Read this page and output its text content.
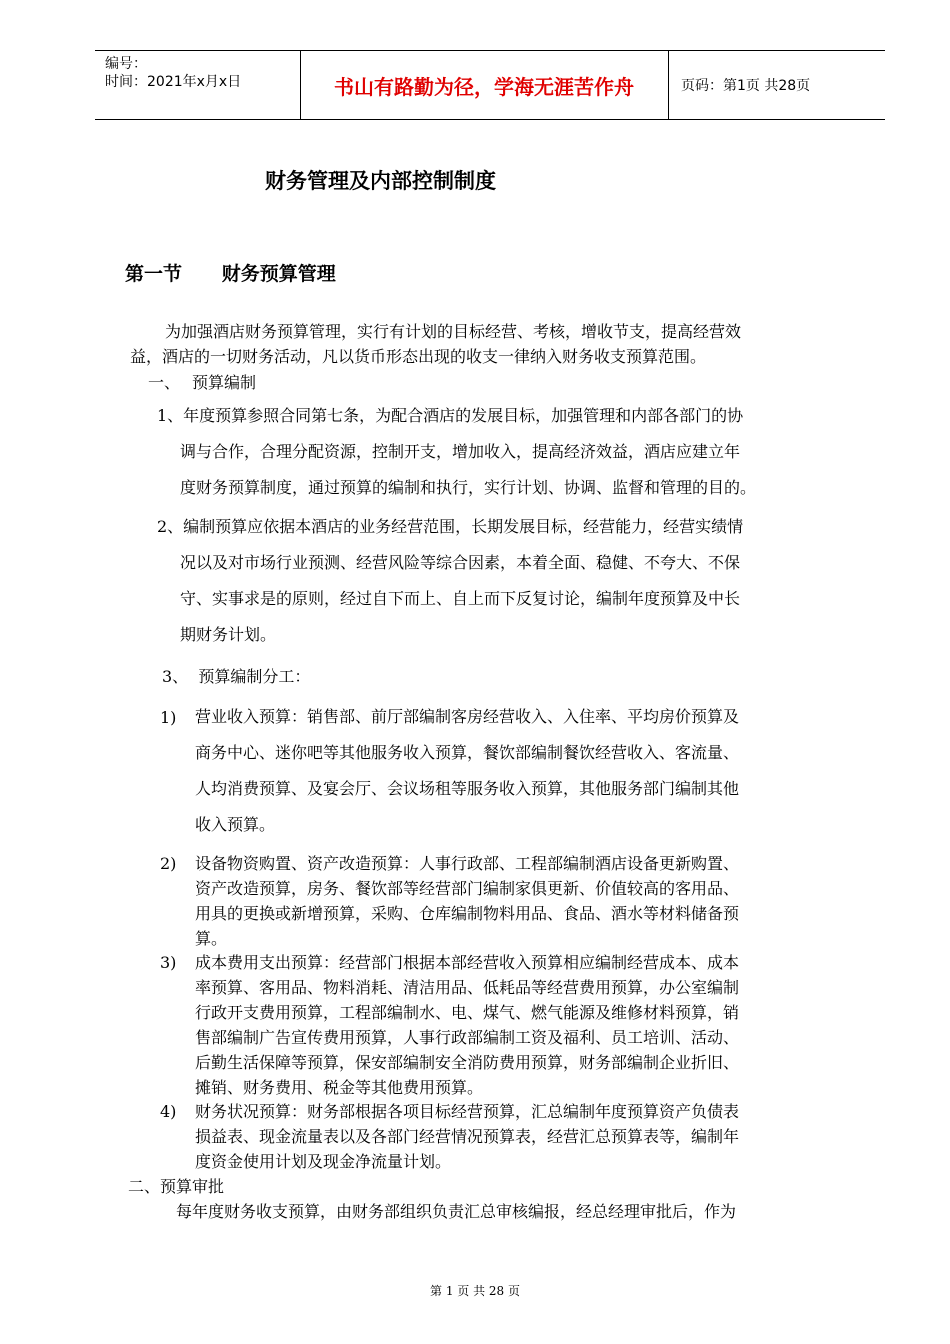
编号：
时间：2021年x月x日	书山有路勤为径，学海无涯苦作舟	页码：第1页 共28页
财务管理及内部控制制度
第一节 财务预算管理
为加强酒店财务预算管理，实行有计划的目标经营、考核，增收节支，提高经营效
益，酒店的一切财务活动，凡以货币形态出现的收支一律纳入财务收支预算范围。
一、 预算编制
1、年度预算参照合同第七条，为配合酒店的发展目标，加强管理和内部各部门的协
调与合作，合理分配资源，控制开支，增加收入，提高经济效益，酒店应建立年
度财务预算制度，通过预算的编制和执行，实行计划、协调、监督和管理的目的。
2、编制预算应依据本酒店的业务经营范围，长期发展目标，经营能力，经营实绩情
况以及对市场行业预测、经营风险等综合因素，本着全面、稳健、不夸大、不保
守、实事求是的原则，经过自下而上、自上而下反复讨论，编制年度预算及中长
期财务计划。
3、  预算编制分工：
1) 营业收入预算：销售部、前厅部编制客房经营收入、入住率、平均房价预算及
商务中心、迷你吧等其他服务收入预算，餐饮部编制餐饮经营收入、客流量、
人均消费预算、及宴会厅、会议场租等服务收入预算，其他服务部门编制其他
收入预算。
2) 设备物资购置、资产改造预算：人事行政部、工程部编制酒店设备更新购置、
资产改造预算，房务、餐饮部等经营部门编制家俱更新、价值较高的客用品、
用具的更换或新增预算，采购、仓库编制物料用品、食品、酒水等材料储备预
算。
3) 成本费用支出预算：经营部门根据本部经营收入预算相应编制经营成本、成本
率预算、客用品、物料消耗、清洁用品、低耗品等经营费用预算，办公室编制
行政开支费用预算，工程部编制水、电、煤气、燃气能源及维修材料预算，销
售部编制广告宣传费用预算，人事行政部编制工资及福利、员工培训、活动、
后勤生活保障等预算，保安部编制安全消防费用预算，财务部编制企业折旧、
摊销、财务费用、税金等其他费用预算。
4) 财务状况预算：财务部根据各项目标经营预算，汇总编制年度预算资产负债表
损益表、现金流量表以及各部门经营情况预算表，经营汇总预算表等，编制年
度资金使用计划及现金净流量计划。
二、预算审批
每年度财务收支预算，由财务部组织负责汇总审核编报，经总经理审批后，作为
第 1 页 共 28 页
